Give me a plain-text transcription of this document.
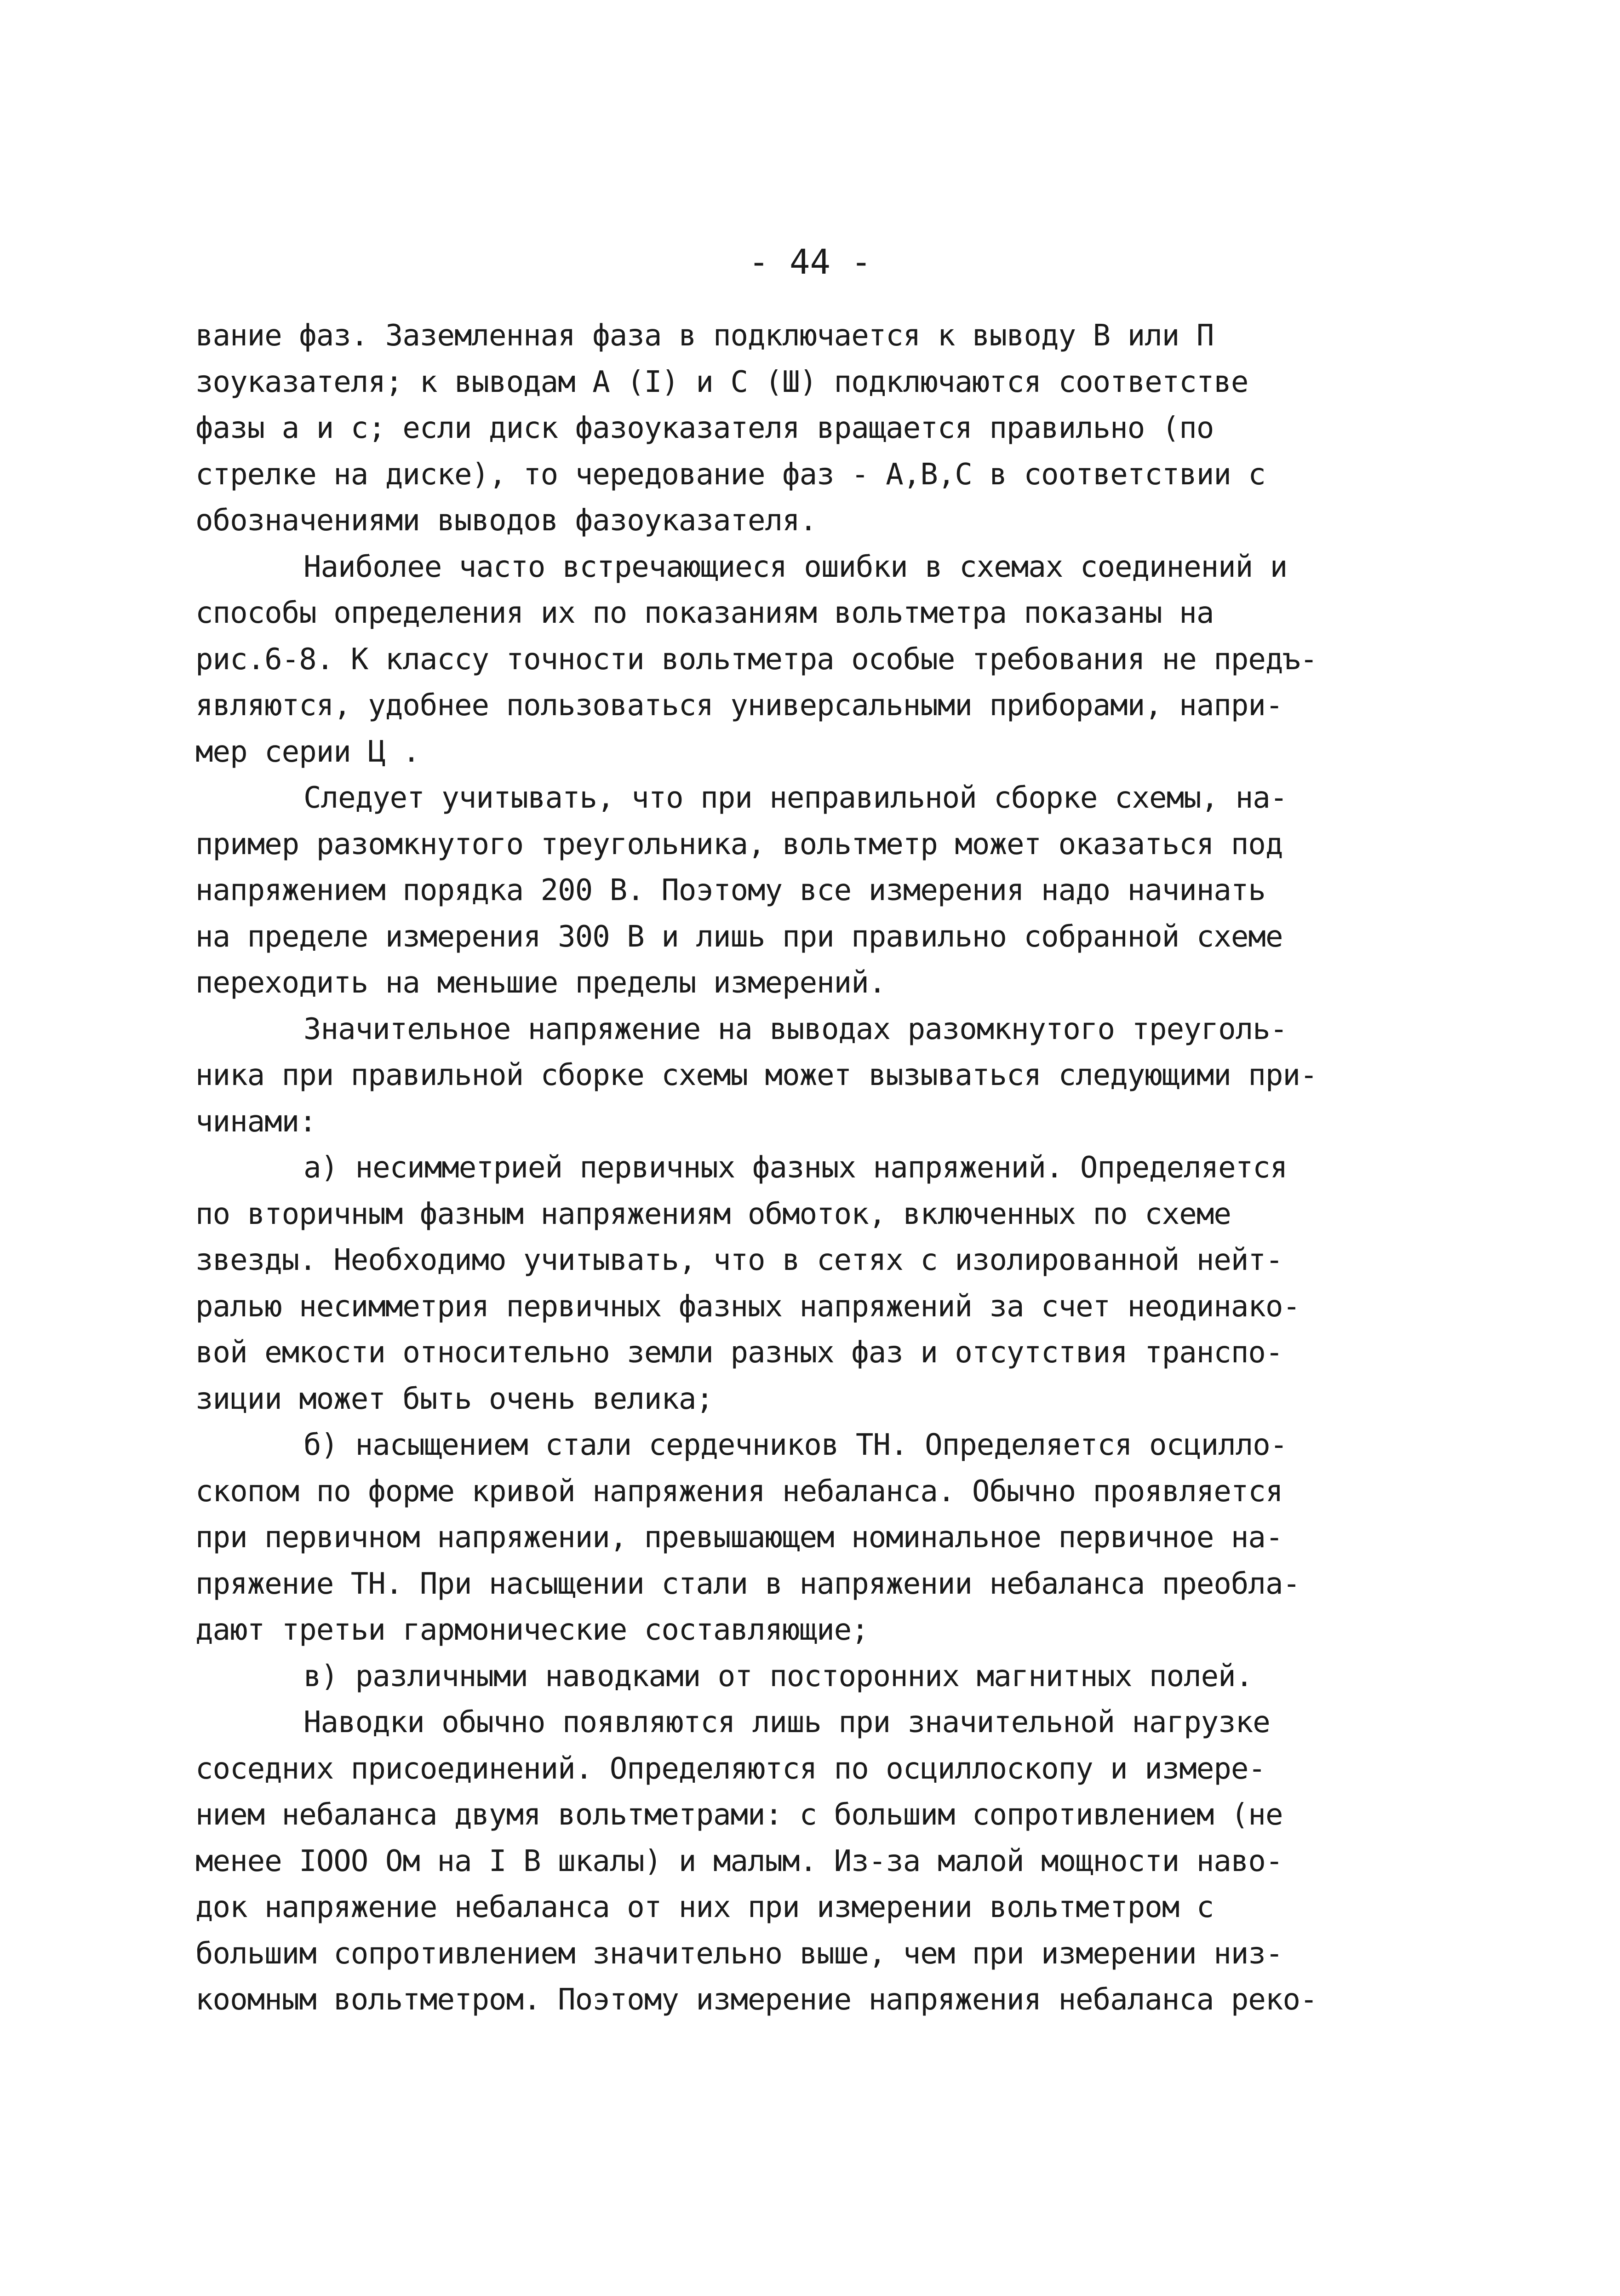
- 44 -
вание фаз. Заземленная фаза в подключается к выводу В или П
зоуказателя; к выводам А (I) и С (Ш) подключаются соответстве
фазы а и с; если диск фазоуказателя вращается правильно (по
стрелке на диске), то чередование фаз - А,В,С в соответствии с
обозначениями выводов фазоуказателя.
Наиболее часто встречающиеся ошибки в схемах соединений и
способы определения их по показаниям вольтметра показаны на
рис.6-8. К классу точности вольтметра особые требования не предъ-
являются, удобнее пользоваться универсальными приборами, напри-
мер серии Ц .
Следует учитывать, что при неправильной сборке схемы, на-
пример разомкнутого треугольника, вольтметр может оказаться под
напряжением порядка 200 В. Поэтому все измерения надо начинать
на пределе измерения 300 В и лишь при правильно собранной схеме
переходить на меньшие пределы измерений.
Значительное напряжение на выводах разомкнутого треуголь-
ника при правильной сборке схемы может вызываться следующими при-
чинами:
а) несимметрией первичных фазных напряжений. Определяется
по вторичным фазным напряжениям обмоток, включенных по схеме
звезды. Необходимо учитывать, что в сетях с изолированной нейт-
ралью несимметрия первичных фазных напряжений за счет неодинако-
вой емкости относительно земли разных фаз и отсутствия транспо-
зиции может быть очень велика;
б) насыщением стали сердечников ТН. Определяется осцилло-
скопом по форме кривой напряжения небаланса. Обычно проявляется
при первичном напряжении, превышающем номинальное первичное на-
пряжение ТН. При насыщении стали в напряжении небаланса преобла-
дают третьи гармонические составляющие;
в) различными наводками от посторонних магнитных полей.
Наводки обычно появляются лишь при значительной нагрузке
соседних присоединений. Определяются по осциллоскопу и измере-
нием небаланса двумя вольтметрами: с большим сопротивлением (не
менее IOOO Ом на I В шкалы) и малым. Из-за малой мощности наво-
док напряжение небаланса от них при измерении вольтметром с
большим сопротивлением значительно выше, чем при измерении низ-
коомным вольтметром. Поэтому измерение напряжения небаланса реко-
